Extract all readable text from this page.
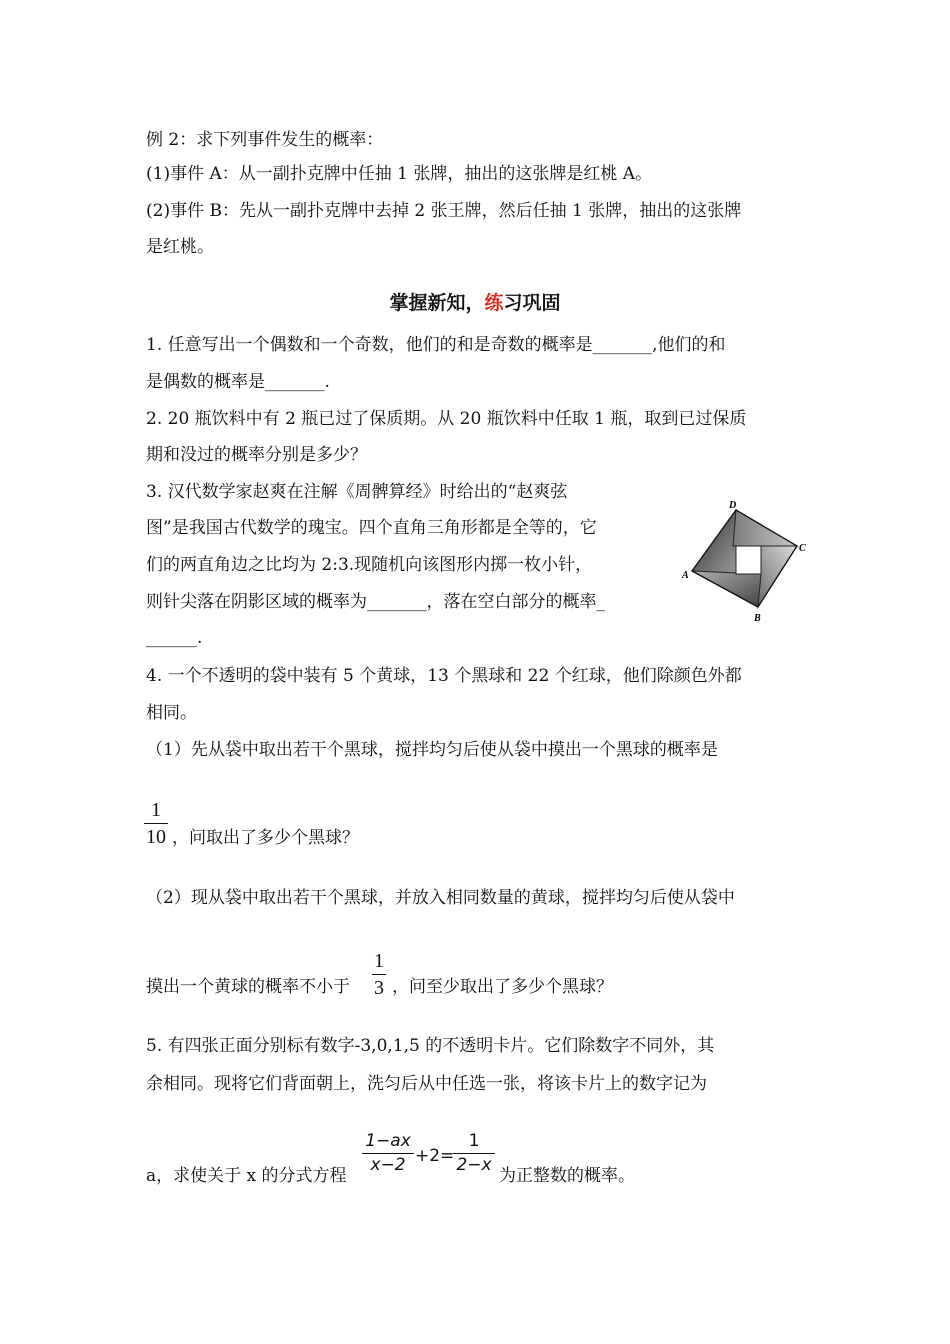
例 2：求下列事件发生的概率：
(1)事件 A：从一副扑克牌中任抽 1 张牌，抽出的这张牌是红桃 A。
(2)事件 B：先从一副扑克牌中去掉 2 张王牌，然后任抽 1 张牌，抽出的这张牌
是红桃。
掌握新知，练习巩固
1. 任意写出一个偶数和一个奇数，他们的和是奇数的概率是_______,他们的和
是偶数的概率是_______.
2. 20 瓶饮料中有 2 瓶已过了保质期。从 20 瓶饮料中任取 1 瓶，取到已过保质
期和没过的概率分别是多少？
3. 汉代数学家赵爽在注解《周髀算经》时给出的“赵爽弦
图”是我国古代数学的瑰宝。四个直角三角形都是全等的，它
们的两直角边之比均为 2:3.现随机向该图形内掷一枚小针，
则针尖落在阴影区域的概率为_______，落在空白部分的概率_
______.
D
C
A
B
4. 一个不透明的袋中装有 5 个黄球，13 个黑球和 22 个红球，他们除颜色外都
相同。
（1）先从袋中取出若干个黑球，搅拌均匀后使从袋中摸出一个黑球的概率是
1
10 ，问取出了多少个黑球？
（2）现从袋中取出若干个黑球，并放入相同数量的黄球，搅拌均匀后使从袋中
摸出一个黄球的概率不小于
1
3 ，问至少取出了多少个黑球？
5. 有四张正面分别标有数字-3,0,1,5 的不透明卡片。它们除数字不同外，其
余相同。现将它们背面朝上，洗匀后从中任选一张，将该卡片上的数字记为
a，求使关于 x 的分式方程
1−ax
x−2 +2=
1
2−x
为正整数的概率。
